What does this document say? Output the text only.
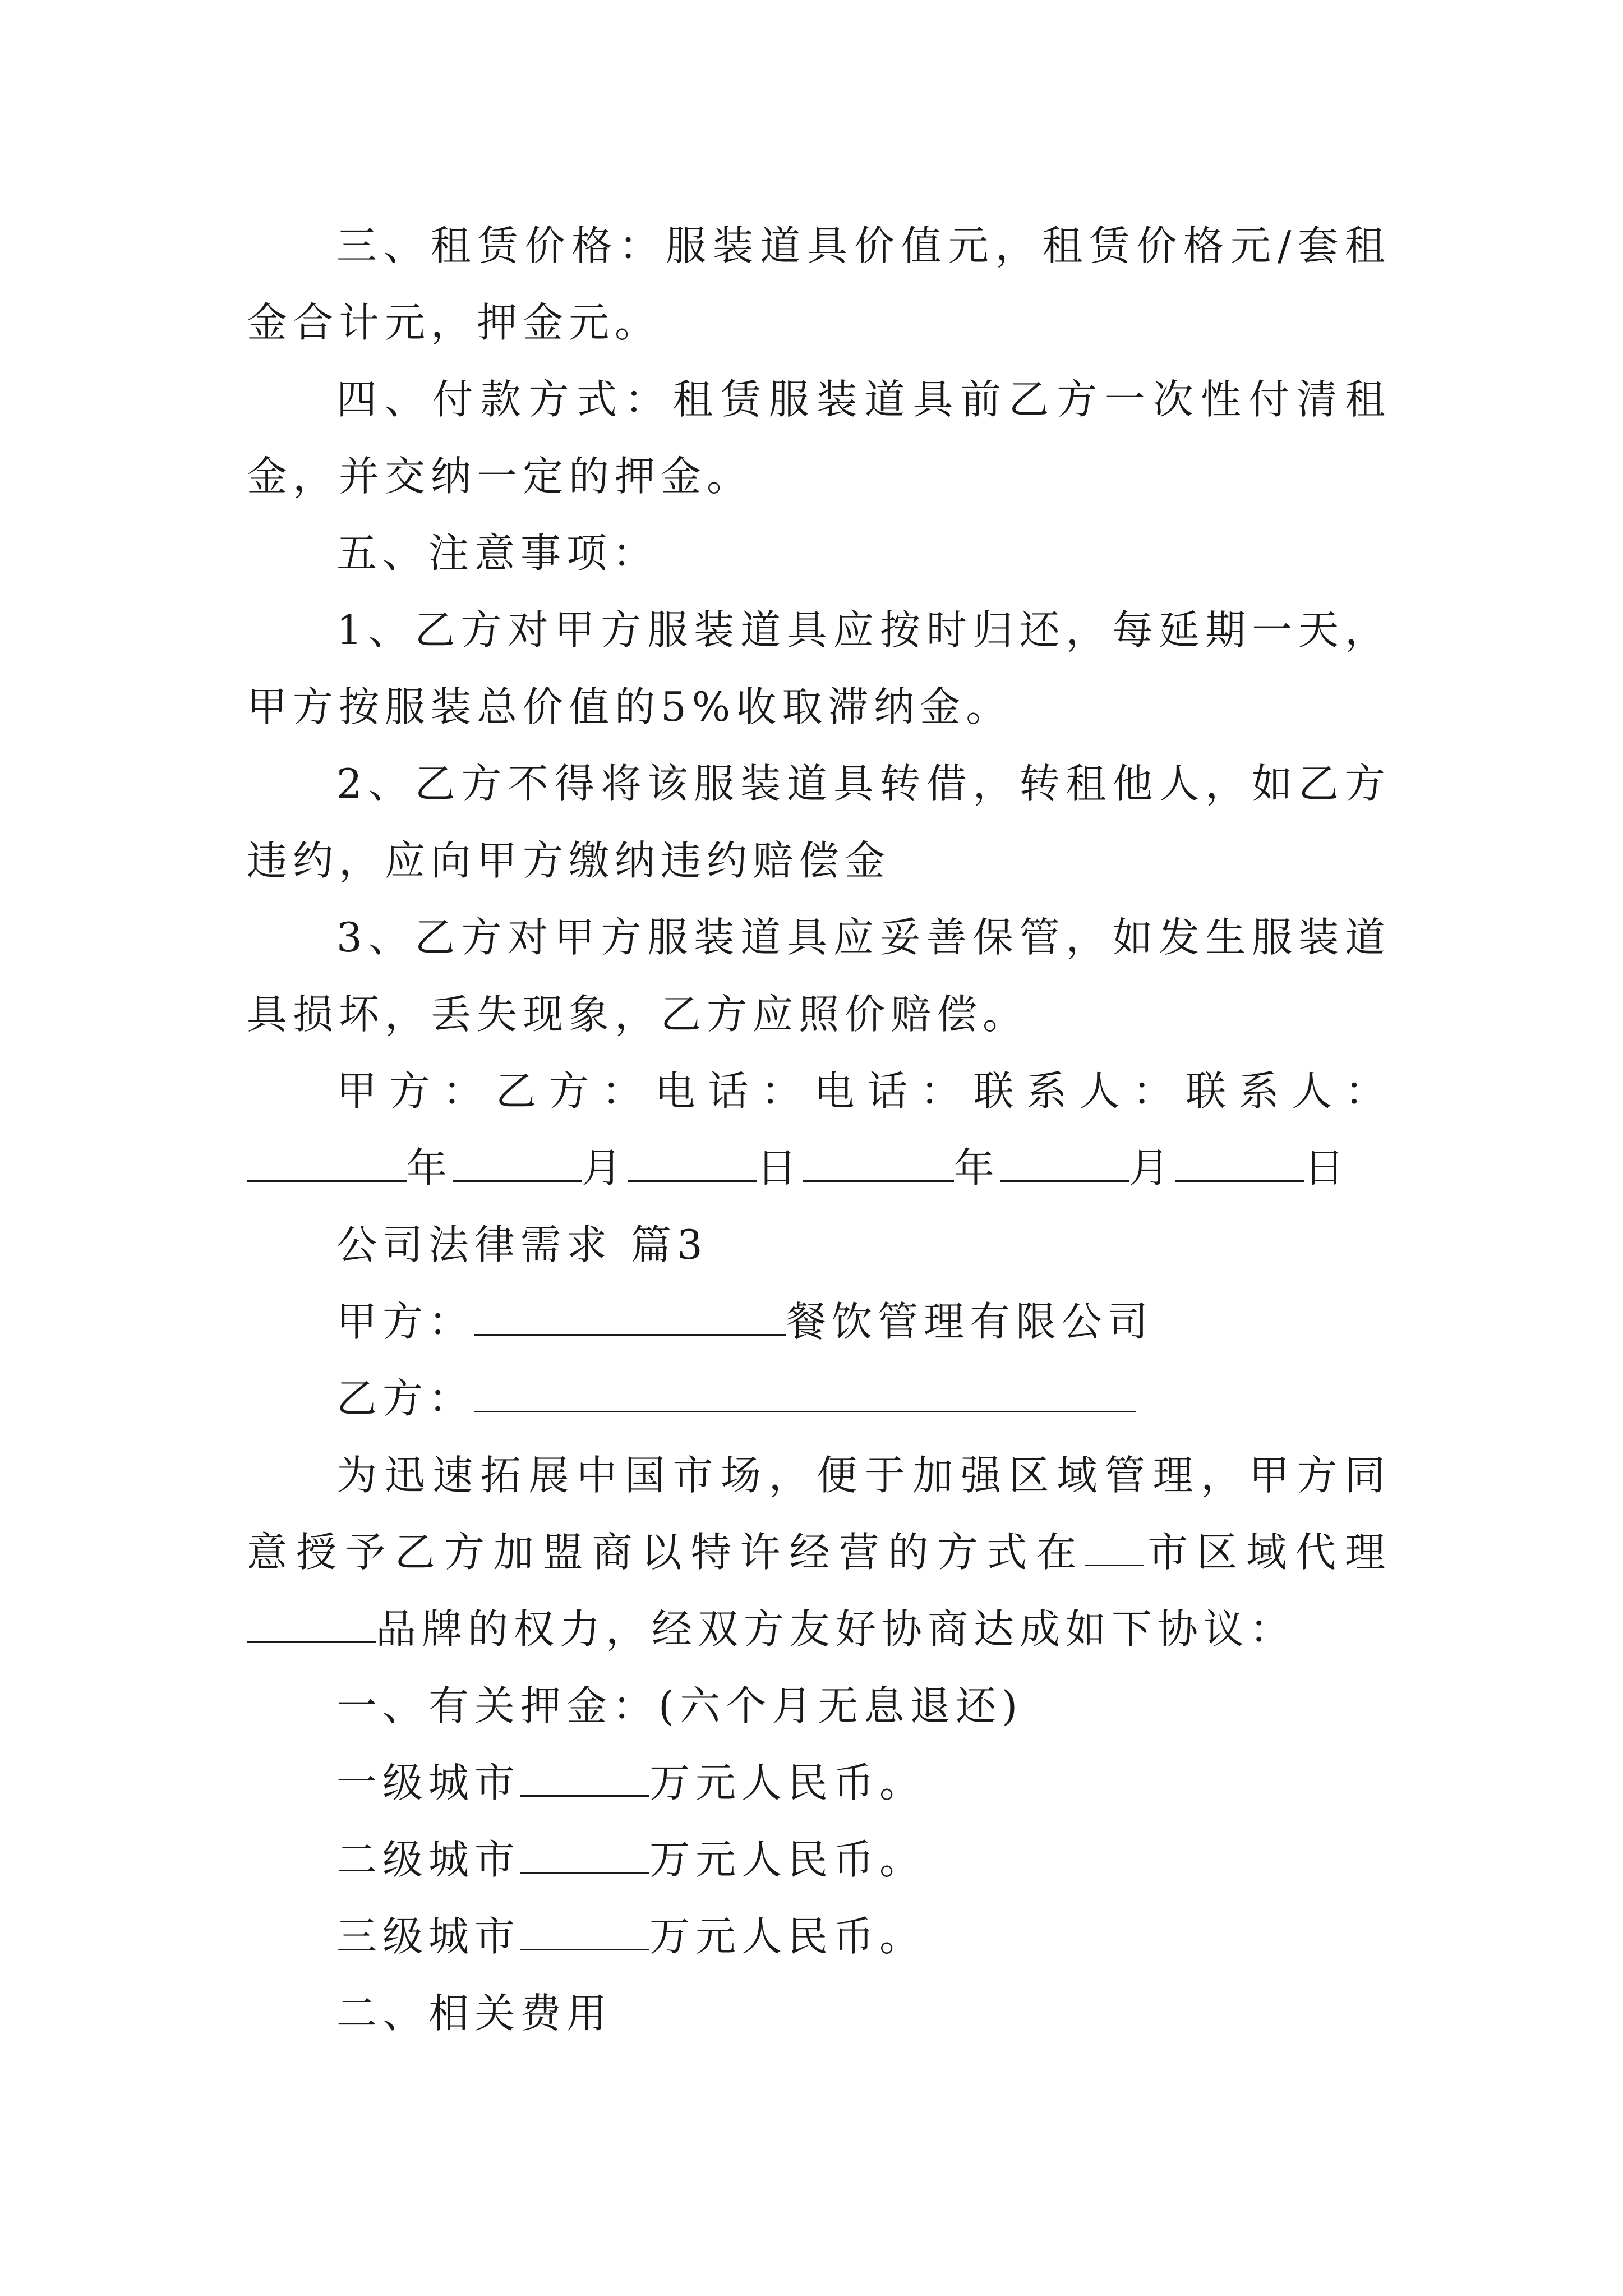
三、租赁价格：服装道具价值元，租赁价格元/套租金合计元，押金元。

四、付款方式：租赁服装道具前乙方一次性付清租金，并交纳一定的押金。

五、注意事项：

1、乙方对甲方服装道具应按时归还，每延期一天，甲方按服装总价值的5%收取滞纳金。

2、乙方不得将该服装道具转借，转租他人，如乙方违约，应向甲方缴纳违约赔偿金

3、乙方对甲方服装道具应妥善保管，如发生服装道具损坏，丢失现象，乙方应照价赔偿。

甲方：乙方：电话：电话：联系人：联系人：年	月	日	年	月	日

公司法律需求 篇3

甲方：	餐饮管理有限公司

乙方：

为迅速拓展中国市场，便于加强区域管理，甲方同意授予乙方加盟商以特许经营的方式在 市区域代理品牌的权力，经双方友好协商达成如下协议：

一、有关押金：(六个月无息退还)

一级城市	万元人民币。

二级城市	万元人民币。

三级城市	万元人民币。

二、相关费用
